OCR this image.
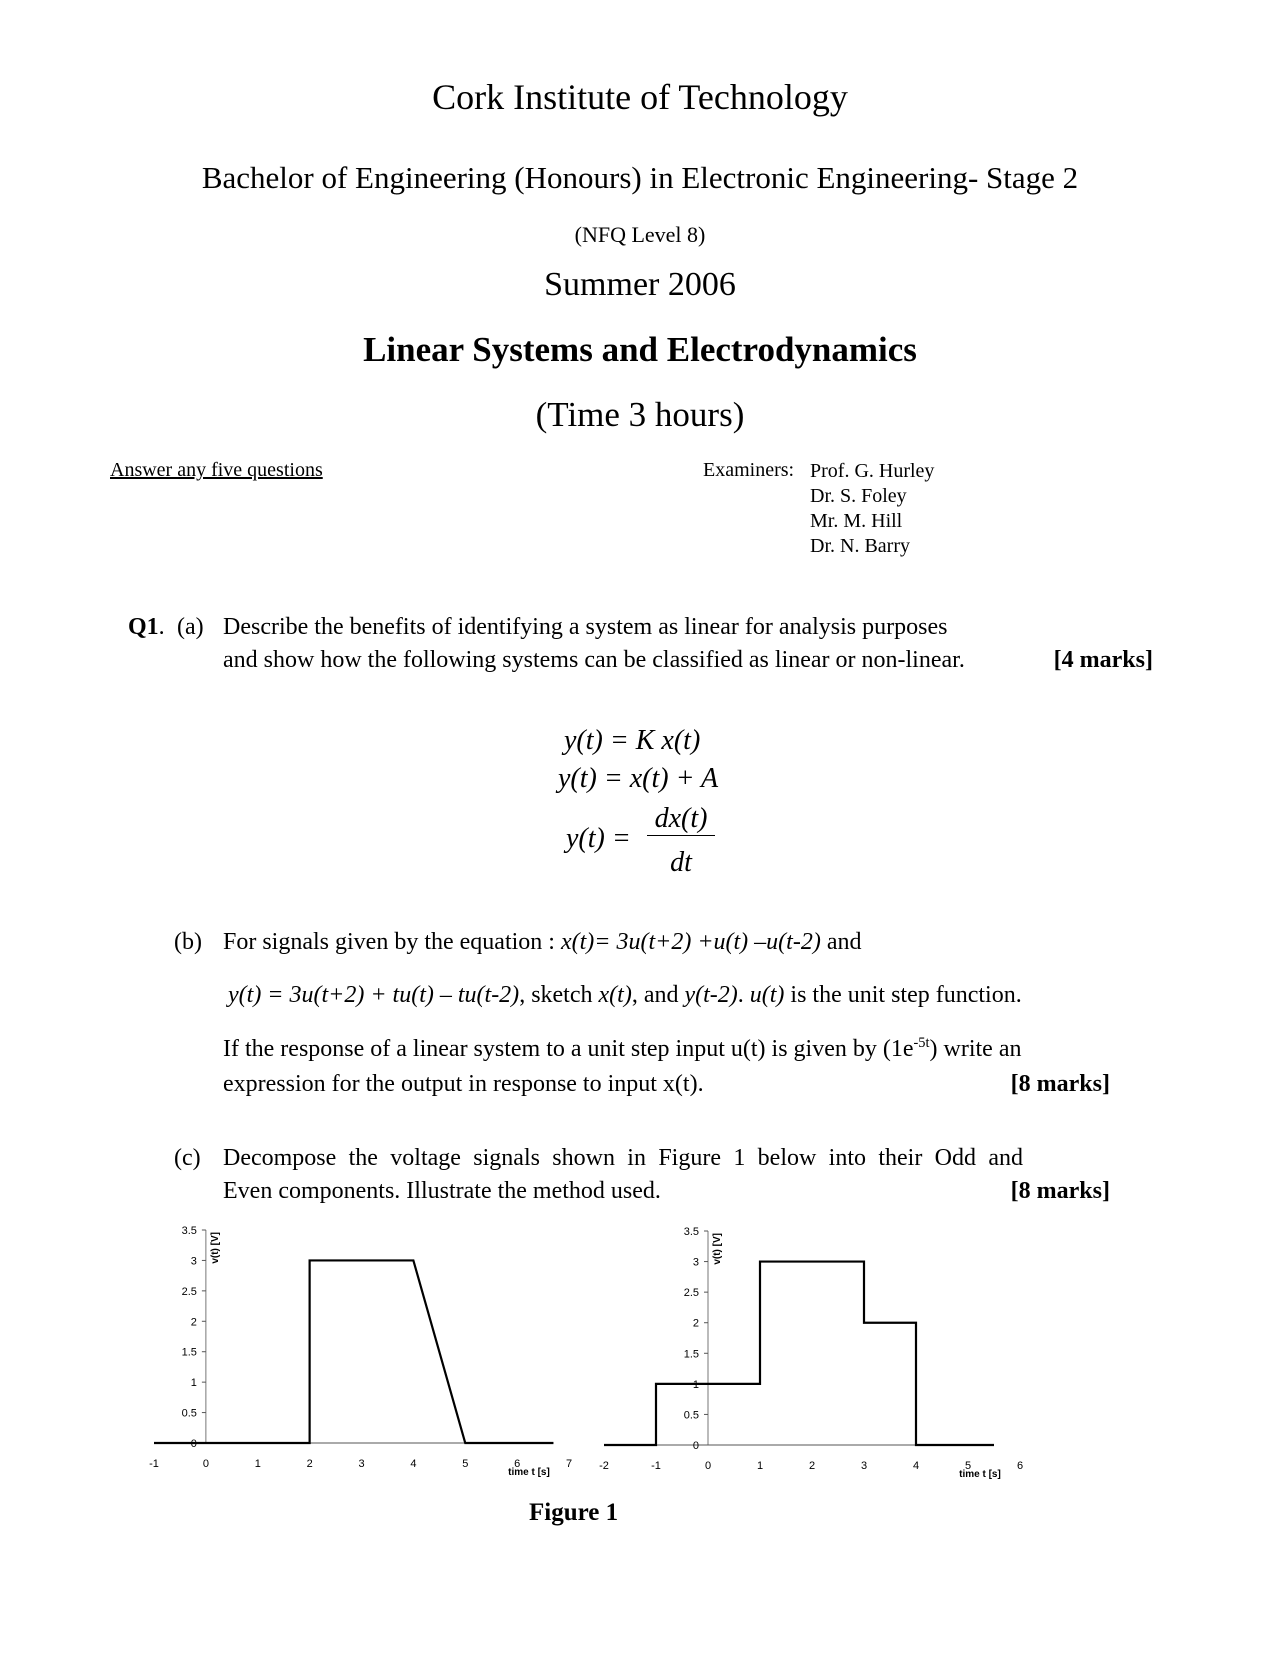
Cork Institute of Technology
Bachelor of Engineering (Honours) in Electronic Engineering- Stage 2
(NFQ Level 8)
Summer 2006
Linear Systems and Electrodynamics
(Time 3 hours)
Answer any five questions	Examiners: Prof. G. Hurley
Dr. S. Foley
Mr. M. Hill
Dr. N. Barry
Q1. (a) Describe the benefits of identifying a system as linear for analysis purposes
and show how the following systems can be classified as linear or non-linear.	[4 marks]
y(t) = K x(t)
y(t) = x(t) + A
y(t) =
dx(t)
dt
(b) For signals given by the equation : x(t)= 3u(t+2) +u(t) –u(t-2) and
y(t) = 3u(t+2) + tu(t) – tu(t-2), sketch x(t), and y(t-2). u(t) is the unit step function.
If the response of a linear system to a unit step input u(t) is given by $(1e^{-5t})$ write an
expression for the output in response to input x(t).	[8 marks]
(c) Decompose the voltage signals shown in Figure 1 below into their Odd and
Even components. Illustrate the method used.	[8 marks]
0
0.5
1
1.5
2
2.5
3
3.5
-1	0	1	2	3	4	5	6	7
v(t) [V]
time t [s]
0
0.5
1
1.5
2
2.5
3
3.5
-2	-1	0	1	2	3	4	5	6
v(t) [V]
time t [s]
Figure 1
